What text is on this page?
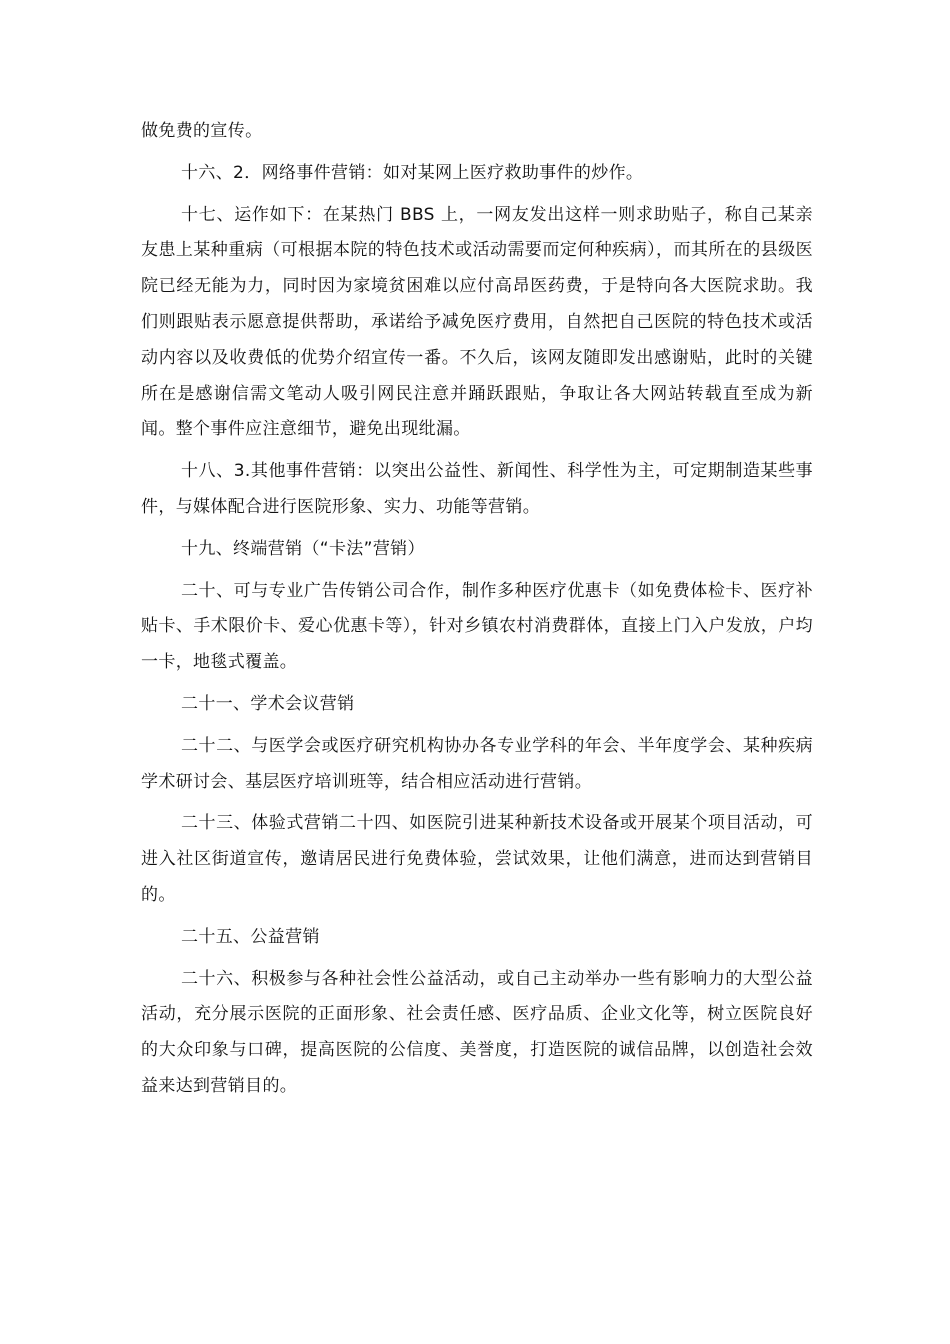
做免费的宣传。

十六、2．网络事件营销：如对某网上医疗救助事件的炒作。

十七、运作如下：在某热门 BBS 上，一网友发出这样一则求助贴子，称自己某亲友患上某种重病（可根据本院的特色技术或活动需要而定何种疾病），而其所在的县级医院已经无能为力，同时因为家境贫困难以应付高昂医药费，于是特向各大医院求助。我们则跟贴表示愿意提供帮助，承诺给予减免医疗费用，自然把自己医院的特色技术或活动内容以及收费低的优势介绍宣传一番。不久后，该网友随即发出感谢贴，此时的关键所在是感谢信需文笔动人吸引网民注意并踊跃跟贴，争取让各大网站转载直至成为新闻。整个事件应注意细节，避免出现纰漏。

十八、3.其他事件营销：以突出公益性、新闻性、科学性为主，可定期制造某些事件，与媒体配合进行医院形象、实力、功能等营销。

十九、终端营销（“卡法”营销）

二十、可与专业广告传销公司合作，制作多种医疗优惠卡（如免费体检卡、医疗补贴卡、手术限价卡、爱心优惠卡等），针对乡镇农村消费群体，直接上门入户发放，户均一卡，地毯式覆盖。

二十一、学术会议营销

二十二、与医学会或医疗研究机构协办各专业学科的年会、半年度学会、某种疾病学术研讨会、基层医疗培训班等，结合相应活动进行营销。

二十三、体验式营销二十四、如医院引进某种新技术设备或开展某个项目活动，可进入社区街道宣传，邀请居民进行免费体验，尝试效果，让他们满意，进而达到营销目的。

二十五、公益营销

二十六、积极参与各种社会性公益活动，或自己主动举办一些有影响力的大型公益活动，充分展示医院的正面形象、社会责任感、医疗品质、企业文化等，树立医院良好的大众印象与口碑，提高医院的公信度、美誉度，打造医院的诚信品牌，以创造社会效益来达到营销目的。
